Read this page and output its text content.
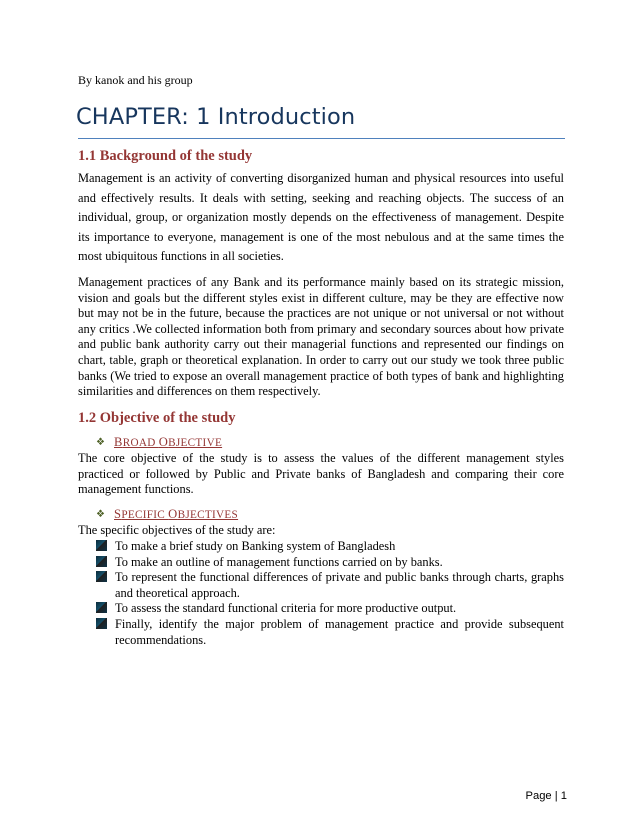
By kanok and his group
CHAPTER: 1 Introduction
1.1 Background of the study

Management is an activity of converting disorganized human and physical resources into useful and effectively results. It deals with setting, seeking and reaching objects. The success of an individual, group, or organization mostly depends on the effectiveness of management. Despite its importance to everyone, management is one of the most nebulous and at the same times the most ubiquitous functions in all societies.

Management practices of any Bank and its performance mainly based on its strategic mission, vision and goals but the different styles exist in different culture, may be they are effective now but may not be in the future, because the practices are not unique or not universal or not without any critics .We collected information both from primary and secondary sources about how private and public bank authority carry out their managerial functions and represented our findings on chart, table, graph or theoretical explanation. In order to carry out our study we took three public banks (We tried to expose an overall management practice of both types of bank and highlighting similarities and differences on them respectively.

1.2 Objective of the study
❖ BROAD OBJECTIVE

The core objective of the study is to assess the values of the different management styles practiced or followed by Public and Private banks of Bangladesh and comparing their core management functions.

❖ SPECIFIC OBJECTIVES
The specific objectives of the study are:
To make a brief study on Banking system of Bangladesh
To make an outline of management functions carried on by banks.
To represent the functional differences of private and public banks through charts, graphs and theoretical approach.
To assess the standard functional criteria for more productive output.
Finally, identify the major problem of management practice and provide subsequent recommendations.
Page | 1
